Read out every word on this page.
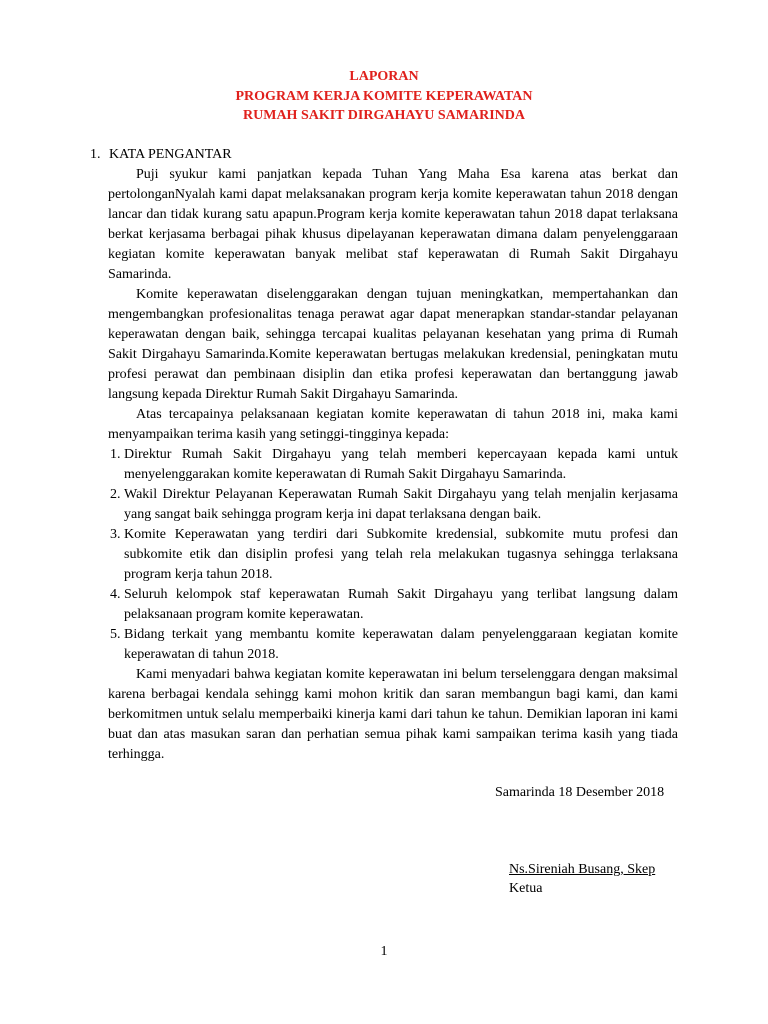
LAPORAN
PROGRAM KERJA KOMITE KEPERAWATAN
RUMAH SAKIT DIRGAHAYU SAMARINDA
1. KATA PENGANTAR
Puji syukur kami panjatkan kepada Tuhan Yang Maha Esa karena atas berkat dan pertolonganNyalah kami dapat melaksanakan program kerja komite keperawatan tahun 2018 dengan lancar dan tidak kurang satu apapun.Program kerja komite keperawatan tahun 2018 dapat terlaksana berkat kerjasama berbagai pihak khusus dipelayanan keperawatan dimana dalam penyelenggaraan kegiatan komite keperawatan banyak melibat staf keperawatan di Rumah Sakit Dirgahayu Samarinda.
Komite keperawatan diselenggarakan dengan tujuan meningkatkan, mempertahankan dan mengembangkan profesionalitas tenaga perawat agar dapat menerapkan standar-standar pelayanan keperawatan dengan baik, sehingga tercapai kualitas pelayanan kesehatan yang prima di Rumah Sakit Dirgahayu Samarinda.Komite keperawatan bertugas melakukan kredensial, peningkatan mutu profesi perawat dan pembinaan disiplin dan etika profesi keperawatan dan bertanggung jawab langsung kepada Direktur Rumah Sakit Dirgahayu Samarinda.
Atas tercapainya pelaksanaan kegiatan komite keperawatan di tahun 2018 ini, maka kami menyampaikan terima kasih yang setinggi-tingginya kepada:
1. Direktur Rumah Sakit Dirgahayu yang telah memberi kepercayaan kepada kami untuk menyelenggarakan komite keperawatan di Rumah Sakit Dirgahayu Samarinda.
2. Wakil Direktur Pelayanan Keperawatan Rumah Sakit Dirgahayu yang telah menjalin kerjasama yang sangat baik sehingga program kerja ini dapat terlaksana dengan baik.
3. Komite Keperawatan yang terdiri dari Subkomite kredensial, subkomite mutu profesi dan subkomite etik dan disiplin profesi yang telah rela melakukan tugasnya sehingga terlaksana program kerja tahun 2018.
4. Seluruh kelompok staf keperawatan Rumah Sakit Dirgahayu yang terlibat langsung dalam pelaksanaan program komite keperawatan.
5. Bidang terkait yang membantu komite keperawatan dalam penyelenggaraan kegiatan komite keperawatan di tahun 2018.
Kami menyadari bahwa kegiatan komite keperawatan ini belum terselenggara dengan maksimal karena berbagai kendala sehingg kami mohon kritik dan saran membangun bagi kami, dan kami berkomitmen untuk selalu memperbaiki kinerja kami dari tahun ke tahun. Demikian laporan ini kami buat dan atas masukan saran dan perhatian semua pihak kami sampaikan terima kasih yang tiada terhingga.
Samarinda 18 Desember 2018
Ns.Sireniah Busang, Skep
Ketua
1
